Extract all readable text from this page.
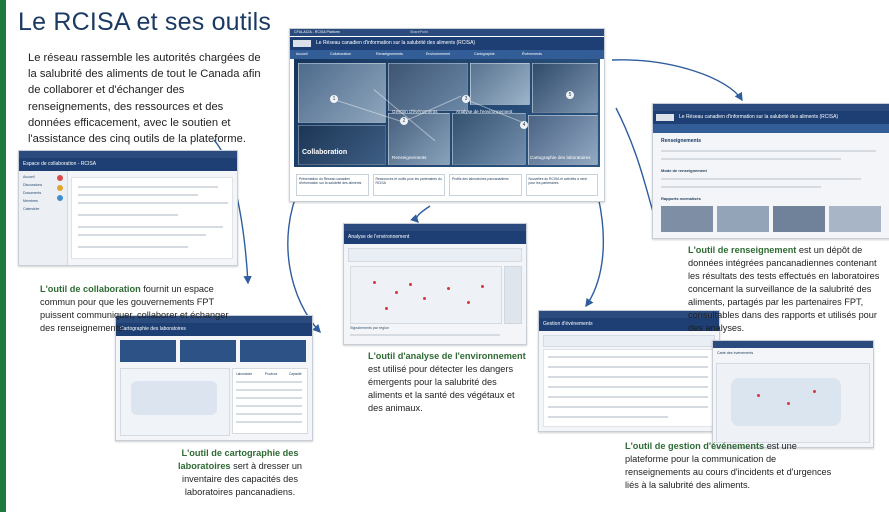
Le RCISA et ses outils
Le réseau rassemble les autorités chargées de la salubrité des aliments de tout le Canada afin de collaborer et d'échanger des renseignements, des ressources et des données efficacement, avec le soutien et l'assistance des cinq outils de la plateforme.
CFIA-ACIA - RCISA Platform	SharePoint
Le Réseau canadien d'information sur la salubrité des aliments (RCISA)
Accueil	Collaboration	Renseignements	Environnement	Cartographie	Événements
1
2
3
4
5
Collaboration
Gestion d'événements	Analyse de l'environnement
Renseignements	Cartographie des laboratoires
Présentation du Réseau canadien d'information sur la salubrité des aliments
Ressources et outils pour les partenaires du RCISA
Profils des laboratoires pancanadiens	Nouvelles du RCISA et activités à venir pour les partenaires
Espace de collaboration - RCISA
Accueil
Discussions
Documents
Membres
Calendrier
Le Réseau canadien d'information sur la salubrité des aliments (RCISA)
Renseignements
Mode de renseignement
Rapports normalisés
Analyse de l'environnement
Signalements par région
Cartographie des laboratoires
Laboratoire	Province	Capacité
Gestion d'événements
Carte des événements
L'outil de collaboration fournit un espace commun pour que les gouvernements FPT puissent communiquer, collaborer et échanger des renseignements.
L'outil de renseignement est un dépôt de données intégrées pancanadiennes contenant les résultats des tests effectués en laboratoires concernant la surveillance de la salubrité des aliments, partagés par les partenaires FPT, consultables dans des rapports et utilisés pour des analyses.
L'outil d'analyse de l'environnement est utilisé pour détecter les dangers émergents pour la salubrité des aliments et la santé des végétaux et des animaux.
L'outil de cartographie des laboratoires sert à dresser un inventaire des capacités des laboratoires pancanadiens.
L'outil de gestion d'événements est une plateforme pour la communication de renseignements au cours d'incidents et d'urgences liés à la salubrité des aliments.
